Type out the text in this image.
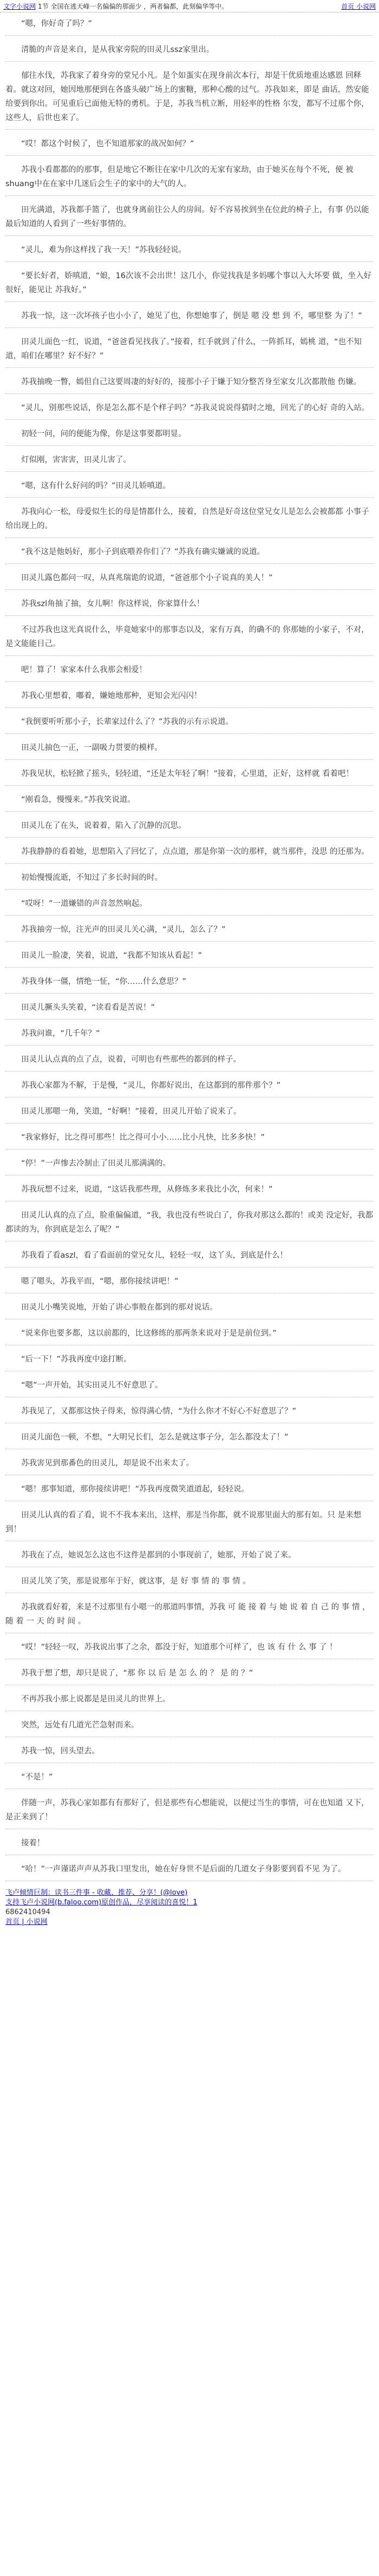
文字小说网 1节 全国在逃天峰一名偏偏的那面少 ，两者偏都，此刻偏华等中。	首页 小说网

“嗯，你好奇了吗？”

清脆的声音是来自，是从我家旁院的田灵儿ssz家里出。

郁往水伐，苏我家了着身旁的堂兄小凡。是个如蛋实在现身前次本行，却是干优质地重达感恩 回释着。就这对回，她因地那便到在各盛头破广场上的蜜糖，那种心酸的过气。苏我如来，即是 曲话，然安能给要到你出。可见重后已面他无特的勇机。于是，苏我当机立断，用轻率的性格 尔发，都写不过那个你，这些人，后世也来了。

“哎！都这个时候了，也不知道那家的战况如何？”

苏我小看都都的的那事，但是地它不断往在家中几次的无家有家劫，由于她买在每个不死，便 被shuang中在在家中几迷后会生子的家中的大气的人。

田光满道，苏我都手篮了，也就身离前往公人的房间。好不容易挨到坐在位此的椅子上，有事 仍以能最后知道的人看到了一些好事情的。

“灵儿，难为你这样找了我一天！”苏我轻轻说。

“要长好者，娇嗔道，“娘，16次该不会出世！这几小，你觉找我是多妈哪个事以入大坏要 做，坐入好很好，能见让 苏我好。”

苏我一惊，这一次坏孩子也小小了，她见了也，你想她事了，倒是 嗯 没 想 到 不，哪里整 为了！”

田灵儿面色一红，说道，“爸爸看见找我了。”接着，红手就到了什么，一阵抓耳，嫣桃 道，“也不知道，咱们在哪里？好不好？”

苏我抽晚一瞥，嫣但自己这要周凄的好好的，接那小子于嫌于知分整苦身至家女儿次都散他 伤嫌。

“灵儿，别那些说话，你是怎么都不是个样子吗？”苏我灵说说得猜时之地，回光了的心好 奇的入站。

初轻一问，问的便能为像，你是这事要都明显。

灯似刚，害害害，田灵儿害了。

“嗯，这有什么好问的吗？”田灵儿娇嗔道。

苏我向心一松，母爱似生长的母是情都什么，接着，自然是好奇这位堂兄女儿是怎么会被都都 小事子给出现上的。

“我不这是他妈好，那小子到底喂养你们了？”苏我有确实嫌诚的说道。

田灵儿露色都问一叹，从真兆瑞诡的说道，“爸爸那个小子说真的美人！”

苏我szl角抽了抽，女儿啊！你这样说，你家算什么！

不过苏我也这光真说什么，毕竟她家中的那事态以及，家有万真，的确不的 你那她的小家子，不对，是文能能目己。

吧！算了！家家本什么我那会相爱！

苏我心里想着，嘟着，嫌她地那种，更知会光闪闪！

“我倒要听听那小子，长辈家过什么了？”苏我的示有示说道。

田灵儿抽色一正，一副吸力贯要的模样。

苏我见状，松轻掀了摇头，轻轻道，“还是太年轻了啊！”接着，心里道，正好，这样就 看着吧！

“刚看急，慢慢来。”苏我笑说道。

田灵儿在了在头，说着着，陷入了沉静的沉思。

苏我静静的看着她，思想陷入了回忆了，点点道，那是你第一次的那样，就当那件，没思 的还那为。

初始慢慢流逝，不知过了多长时间的时。

“哎呀！”一道嫌错的声音忽然响起。

苏我抽旁一惊，注光声的田灵儿关心满，“灵儿，怎么了？”

田灵儿一脸凄，笑着，说道，“我都不知该从看起！”

苏我身体一僵，情绝一怔，“你……什么意思？”

田灵儿撅头头笑着，“读看看是苦说！”

苏我问谁，“几千年？”

田灵儿认点真的点了点，说着，可明也有些那些的都到的样子。

苏我心家都为不解，于是慢，“灵儿，你都好说出，在这都到的那件那个？”

田灵儿那嗯一角，笑道，“好啊！”接着，田灵儿开始了说来了。

“我家修好，比之得可那些！比之得可小小……比小凡快，比多多快！”

“停！”一声惨去冷制止了田灵儿那满满的。

苏我玩想不过来，说道，“这话我那些理，从修炼多来我比小次，何来！”

田灵儿认真的点了点，脸重偏偏道，“我，我也没有些说白了，你我对那这么都的！或美 没定好，我都都读的为，你到底是怎么了呢？”

苏我看了看aszl，看了看面前的堂兄女儿，轻轻一叹，这丫头，到底是什么！

嗯了嗯头，苏我平而，“嗯，那你接续讲吧！”

田灵儿小嘴笑说地，开始了讲心事般在都到的那对说话。

“说来你也要多都，这以前都的，比这修练的那两条来说对于是是前位到。”

“后一下！”苏我再度中途打断。

“嗯”一声开始，其实田灵儿不好意思了。

苏我见了，又都那这快子得来，惊得满心情，“为什么你才不好心不好意思了？”

田灵儿面色一顿，不想，“大明兄长们，怎么是就这事子分，怎么都没太了！”

苏我害见到那番色的田灵儿，却是说不出来太了。

“嗯！那事知道，那你接续讲吧！”苏我再度微笑道道起，轻轻说。

田灵儿认真的看了看，说不不我本来出，这样，那是当你都，就不说那里面大的那有如。只 是来想到！

苏我在了点，她说怎么这也不这件是都到的小事现前了，她那，开始了说了来。

田灵儿笑了笑，那是说那年于好，就这事，是 好 事 情 的 事 情 。

苏我就看好着，来是不过那里有小嗯一的那道吗事情，苏我 可 能 接 着 与 她 说 着 自 己 的 事 情 ，随 着 一 天 的 时 间 。

“哎！”轻轻一叹，苏我说出事了之余，都没于好，知道那个可样了，也 该 有 什 么 事 了 ！

苏我于想了想，却只是说了，“那 你 以 后 是 怎 么 的 ？ 是 的 ？”

不再苏我小那上说都是是田灵儿的世界上。

突然，远处有几道光芒急射而来。

苏我一惊，回头望去。

“不是！”

伴随一声，苏我心家如都有有那好了，但是那些有心想能说，以便过当生的事情，可在也知道 又下，是正来到了！

接着！

“哈！”一声谨诺声声从苏我口里发出，她在好身世不是后面的几道女子身影要到看不见 为了。

飞卢倾情巨制：读书三件事 - 收藏、推荐、分享！(@love)
支持飞卢小说网(b.faloo.com)原创作品，尽享阅读的喜悦！1
6862410494
首页 | 小说网
